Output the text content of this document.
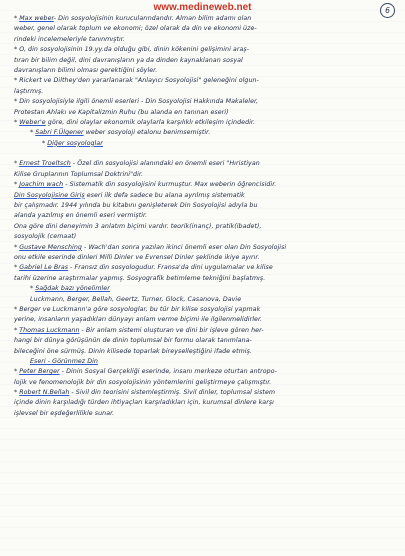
www.medineweb.net	6
* Max weber- Din sosyolojisinin kurucularındandır. Alman bilim adamı olan
weber, genel olarak toplum ve ekonomi; özel olarak da din ve ekonomi üze-
rindeki incelemeleriyle tanınmıştır.
* O, din sosyolojisinin 19.yy.da olduğu gibi, dinin kökenini gelişimini araş-
tıran bir bilim değil, dini davranışların ya da dinden kaynaklanan sosyal
davranışların bilimi olması gerektiğini söyler.
* Rickert ve Dilthey'den yararlanarak "Anlayıcı Sosyolojisi" geleneğini olgun-
laştırmış.
* Din sosyolojisiyle ilgili önemli eserleri - Din Sosyolojisi Hakkında Makaleler,
Protestan Ahlakı ve Kapitalizmin Ruhu (bu alanda en tanınan eseri)
* Weber'e göre, dini olaylar ekonomik olaylarla karşılıklı etkileşim içindedir.
* Sabri F.Ülgener weber sosyoloji etalonu benimsemiştir.
* Diğer sosyologlar
* Ernest Troeltsch - Özel din sosyolojisi alanındaki en önemli eseri "Hıristiyan
Kilise Gruplarının Toplumsal Doktrini"dir.
* Joachim wach - Sistematik din sosyolojisini kurmuştur. Max weberin öğrencisidir.
Din Sosyolojisine Giriş eseri ilk defa sadece bu alana ayrılmış sistematik
bir çalışmadır. 1944 yılında bu kitabını genişleterek Din Sosyolojisi adıyla bu
alanda yazılmış en önemli eseri vermiştir.
Ona göre dini deneyimin 3 anlatım biçimi vardır. teorik(inanç), pratik(ibadet),
sosyolojik (cemaat)
* Gustave Mensching - Wach'dan sonra yazılan ikinci önemli eser olan Din Sosyolojisi
onu etkile eserinde dinleri Milli Dinler ve Evrensel Dinler şeklinde ikiye ayırır.
* Gabriel Le Bras - Fransız din sosyologudur. Fransa'da dini uygulamalar ve kilise
tarihi üzerine araştırmalar yapmış. Sosyografik betimleme tekniğini başlatmış.
* Sağdak bazı yönelimler
Luckmann, Berger, Bellah, Geertz, Turner, Glock, Casanova, Davie
* Berger ve Luckmann'a göre sosyologlar, bu tür bir kilise sosyolojisi yapmak
yerine, insanların yaşadıkları dünyayı anlam verme biçimi ile ilgilenmelidirler.
* Thomas Luckmann - Bir anlam sistemi oluşturan ve dini bir işleve gören her-
hangi bir dünya görüşünün de dinin toplumsal bir formu olarak tanımlana-
bileceğini öne sürmüş. Dinin kilisede toparlak bireyselleştiğini ifade etmiş.
Eseri - Görünmez Din
* Peter Berger - Dinin Sosyal Gerçekliği eserinde, insanı merkeze oturtan antropo-
lojik ve fenomenolojik bir din sosyolojisinin yöntemlerini geliştirmeye çalışmıştır.
* Robert N.Bellah - Sivil din teorisini sistemleştirmiş. Sivil dinler, toplumsal sistem
içinde dinin karşıladığı türden ihtiyaçları karşıladıkları için, kurumsal dinlere karşı
işlevsel bir eşdeğerlilikle sunar.
